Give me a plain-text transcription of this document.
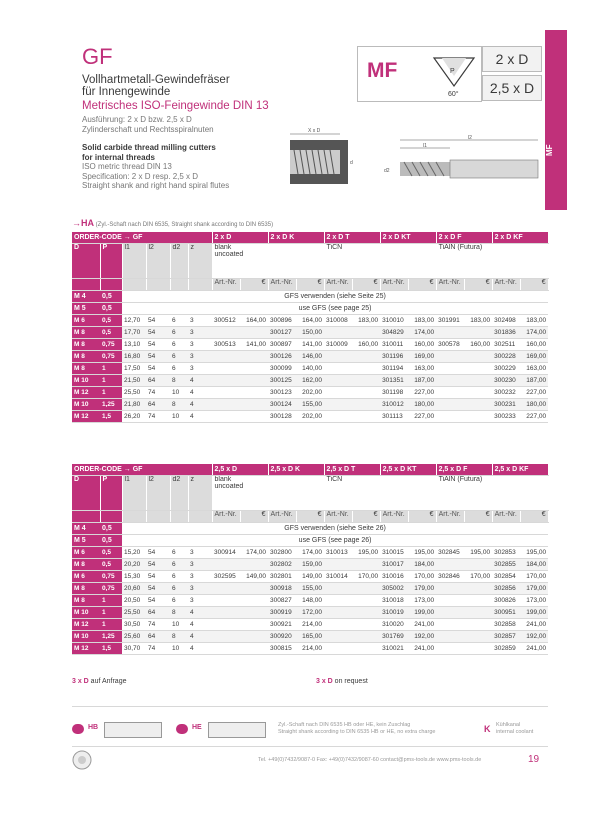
GF
Vollhartmetall-Gewindefräser
für Innengewinde
Metrisches ISO-Feingewinde DIN 13
Ausführung: 2 x D bzw. 2,5 x D
Zylinderschaft und Rechtsspiralnuten
Solid carbide thread milling cutters
for internal threads
ISO metric thread DIN 13
Specification: 2 x D resp. 2,5 x D
Straight shank and right hand spiral flutes
MF	P
60°
2 x D
2,5 x D
MF
X x D
d
l2
l1
d2
→HA (Zyl.-Schaft nach DIN 6535, Straight shank according to DIN 6535)
ORDER-CODE → GF						2 x D		2 x D K		2 x D T		2 x D KT		2 x D F		2 x D KF	
D	P	l1	l2	d2	z	blank
uncoated				TiCN				TiAlN (Futura)			
						Art.-Nr.	€	Art.-Nr.	€	Art.-Nr.	€	Art.-Nr.	€	Art.-Nr.	€	Art.-Nr.	€
M 4	0,5	GFS verwenden (siehe Seite 25)															
M 5	0,5	use GFS (see page 25)															
M 6	0,5	12,70	54	6	3	300512	164,00	300896	164,00	310008	183,00	310010	183,00	301991	183,00	302498	183,00
M 8	0,5	17,70	54	6	3			300127	150,00			304829	174,00			301836	174,00
M 8	0,75	13,10	54	6	3	300513	141,00	300897	141,00	310009	160,00	310011	160,00	300578	160,00	302511	160,00
M 8	0,75	16,80	54	6	3			300126	146,00			301196	169,00			300228	169,00
M 8	1	17,50	54	6	3			300099	140,00			301194	163,00			300229	163,00
M 10	1	21,50	64	8	4			300125	162,00			301351	187,00			300230	187,00
M 12	1	25,50	74	10	4			300123	202,00			301198	227,00			300232	227,00
M 10	1,25	21,80	64	8	4			300124	155,00			310012	180,00			300231	180,00
M 12	1,5	26,20	74	10	4			300128	202,00			301113	227,00			300233	227,00
ORDER-CODE → GF						2,5 x D		2,5 x D K		2,5 x D T		2,5 x D KT		2,5 x D F		2,5 x D KF	
D	P	l1	l2	d2	z	blank
uncoated				TiCN				TiAlN (Futura)			
						Art.-Nr.	€	Art.-Nr.	€	Art.-Nr.	€	Art.-Nr.	€	Art.-Nr.	€	Art.-Nr.	€
M 4	0,5	GFS verwenden (siehe Seite 26)															
M 5	0,5	use GFS (see page 26)															
M 6	0,5	15,20	54	6	3	300914	174,00	302800	174,00	310013	195,00	310015	195,00	302845	195,00	302853	195,00
M 8	0,5	20,20	54	6	3			302802	159,00			310017	184,00			302855	184,00
M 6	0,75	15,30	54	6	3	302595	149,00	302801	149,00	310014	170,00	310016	170,00	302846	170,00	302854	170,00
M 8	0,75	20,60	54	6	3			300918	155,00			305002	179,00			302856	179,00
M 8	1	20,50	54	6	3			300827	148,00			310018	173,00			300826	173,00
M 10	1	25,50	64	8	4			300919	172,00			310019	199,00			300951	199,00
M 12	1	30,50	74	10	4			300921	214,00			310020	241,00			302858	241,00
M 10	1,25	25,60	64	8	4			300920	165,00			301769	192,00			302857	192,00
M 12	1,5	30,70	74	10	4			300815	214,00			310021	241,00			302859	241,00
3 x D auf Anfrage	3 x D on request
HB	HE	Zyl.-Schaft nach DIN 6535 HB oder HE, kein Zuschlag
Straight shank according to DIN 6535 HB or HE, no extra charge	K Kühlkanal
internal coolant
Tel. +49(0)7432/9087-0 Fax: +49(0)7432/9087-60 contact@pms-tools.de www.pms-tools.de	19
